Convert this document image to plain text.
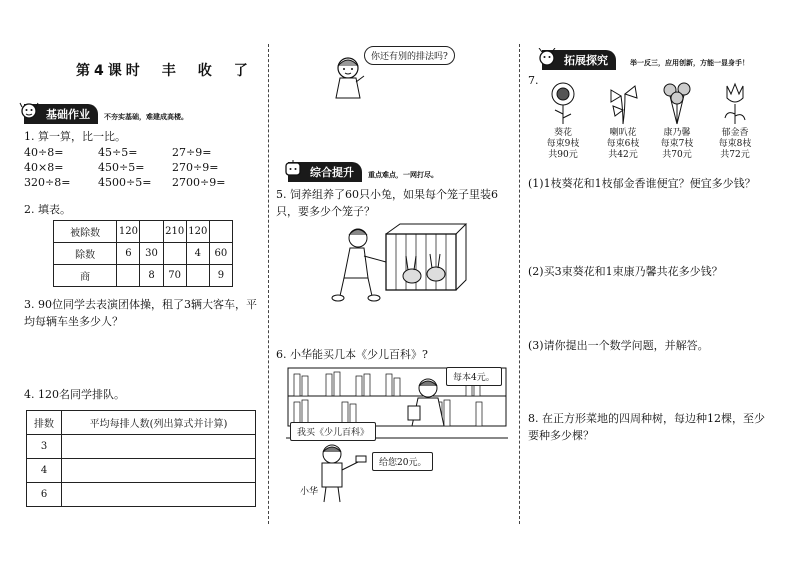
第4课时　丰　收　了
基础作业	不夯实基础，难建成高楼。
1. 算一算，比一比。
40÷8=	45÷5=	27÷9=
40×8=	450÷5=	270÷9=
320÷8=	4500÷5=	2700÷9=
2. 填表。
被除数	120		210	120	
除数	6	30		4	60
商		8	70		9
3. 90位同学去表演团体操，租了3辆大客车，平均每辆车坐多少人？
4. 120名同学排队。
排数	平均每排人数(列出算式并计算)
3	
4	
6	
你还有别的排法吗?
综合提升	重点难点，一网打尽。
5. 饲养组养了60只小兔，如果每个笼子里装6只，要多少个笼子？
6. 小华能买几本《少儿百科》?
每本4元。
我买《少儿百科》
给您20元。
小华
拓展探究	举一反三，应用创新，方能一显身手！
7.
葵花
每束9枝
共90元
喇叭花
每束6枝
共42元
康乃馨
每束7枝
共70元
郁金香
每束8枝
共72元
(1)1枝葵花和1枝郁金香谁便宜？便宜多少钱？
(2)买3束葵花和1束康乃馨共花多少钱？
(3)请你提出一个数学问题，并解答。
8. 在正方形菜地的四周种树，每边种12棵，至少要种多少棵？
